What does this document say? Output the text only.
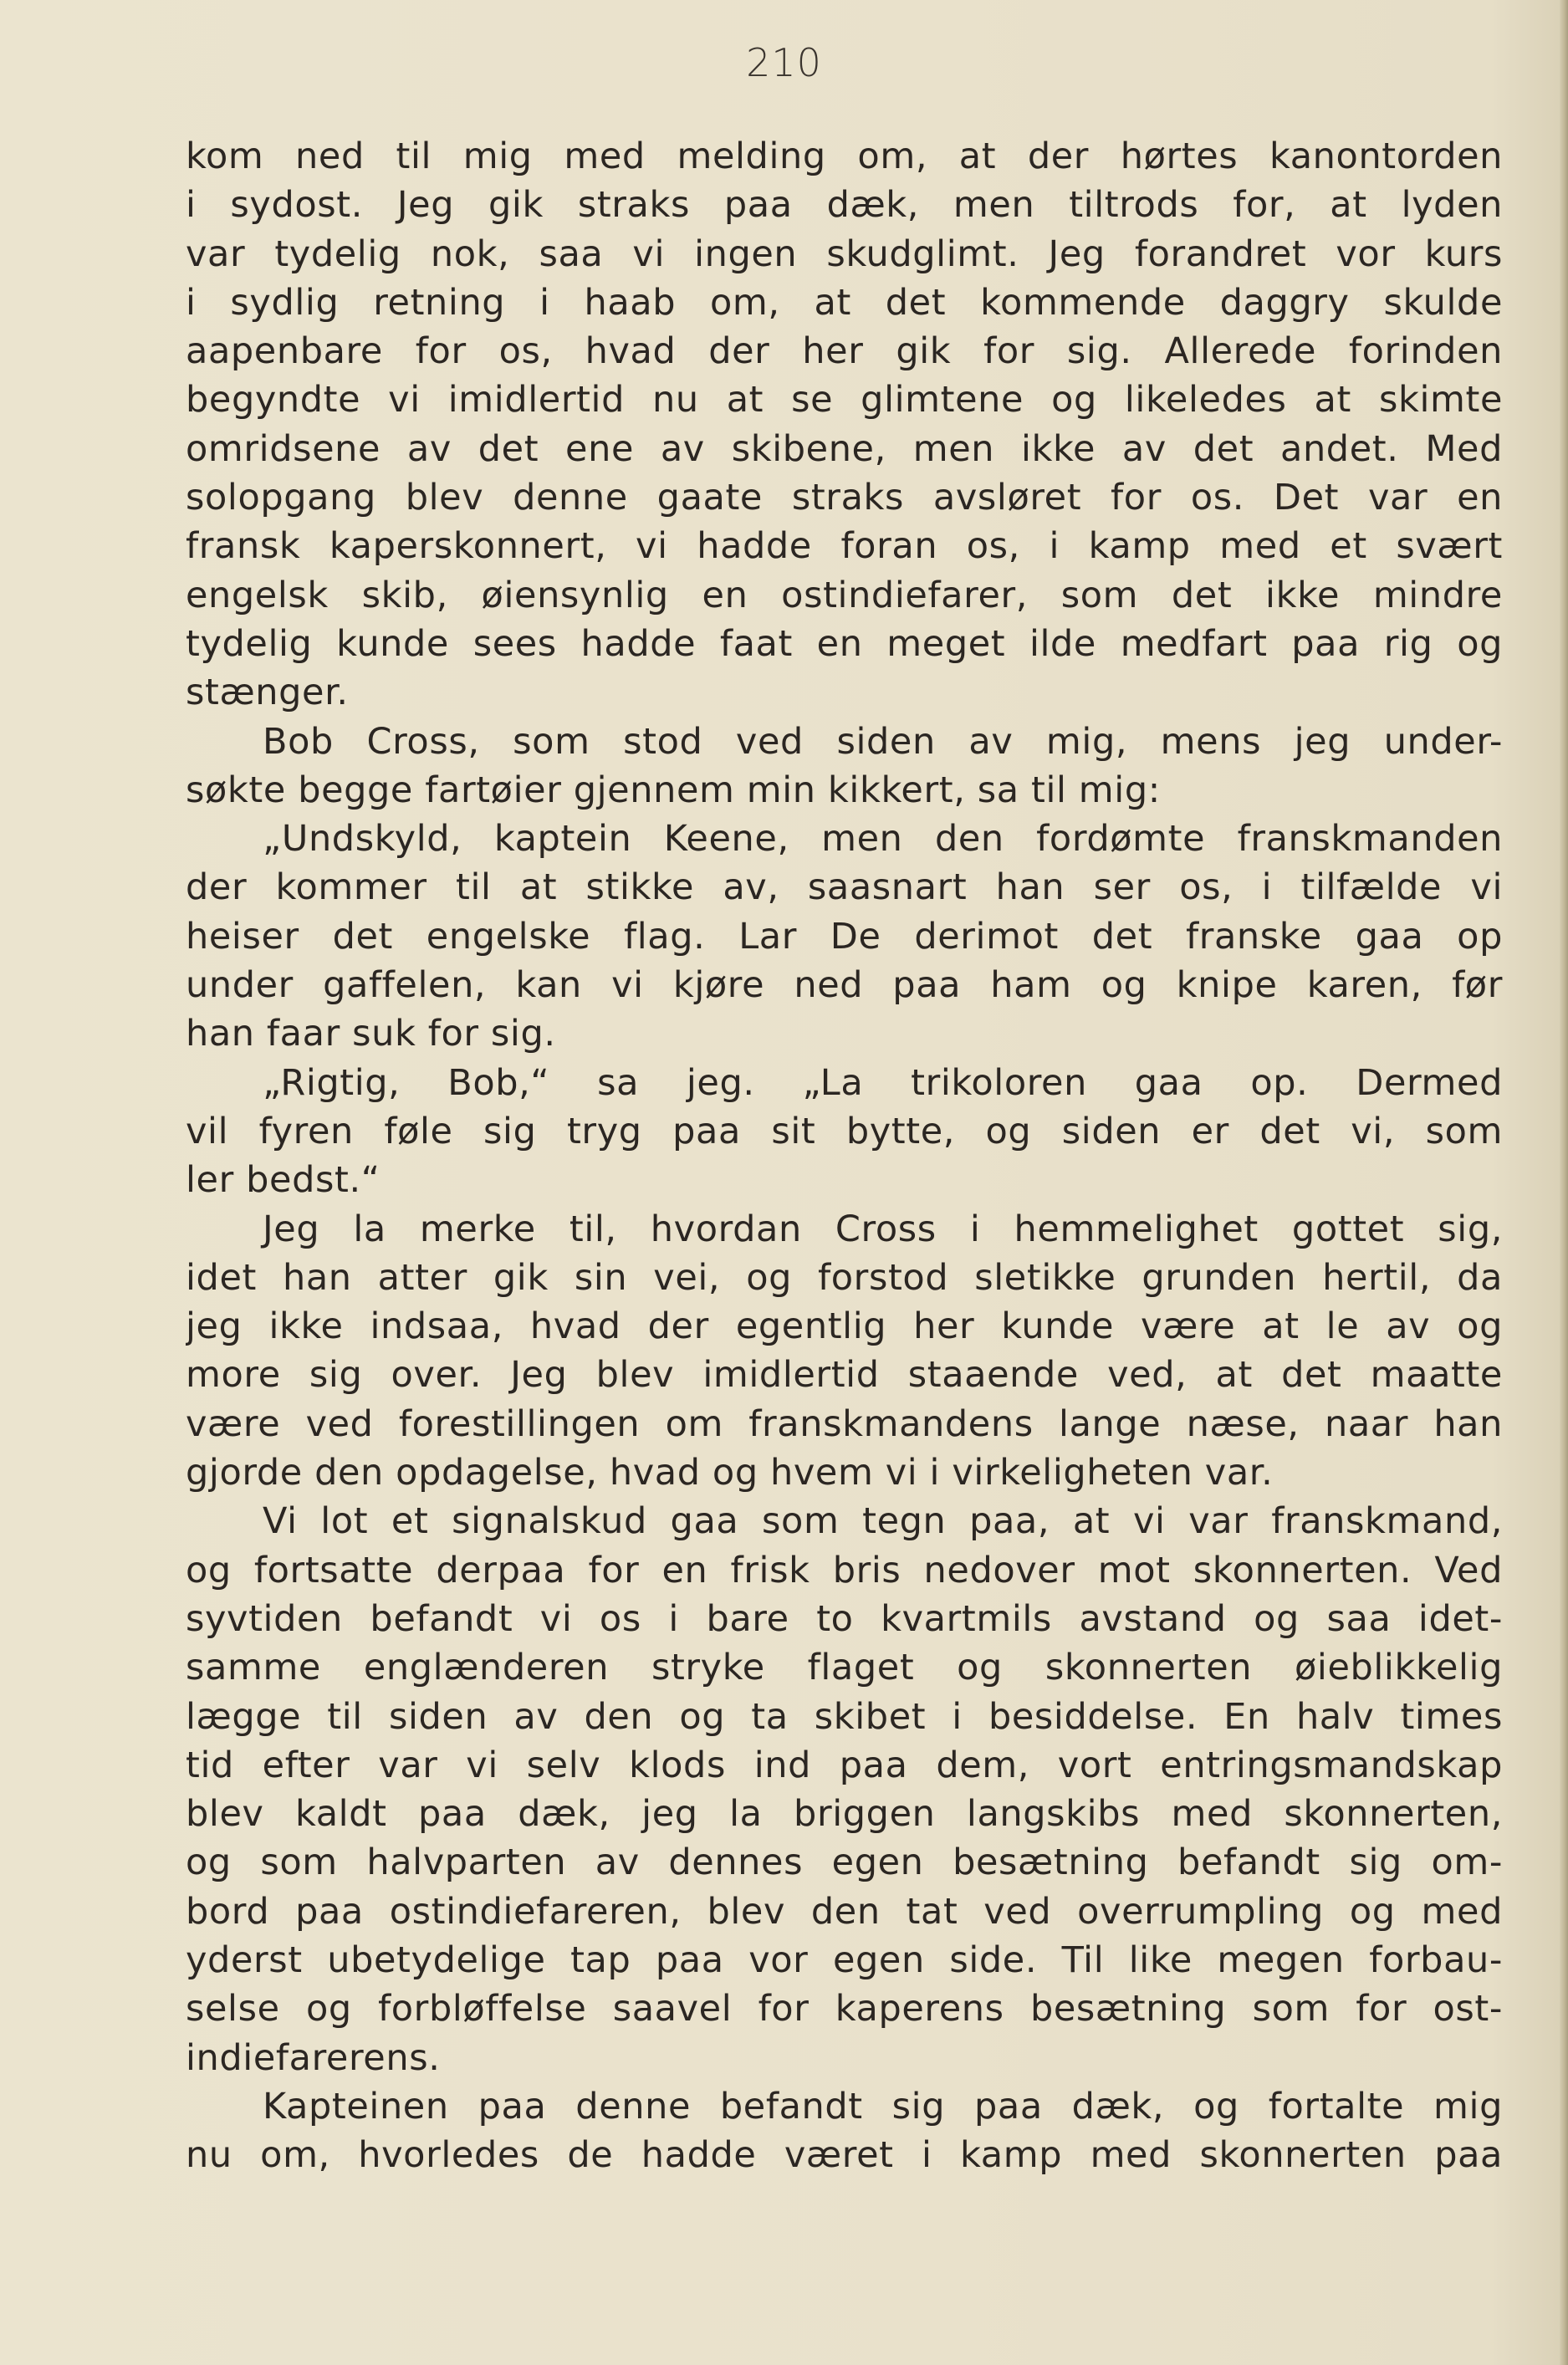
210
kom ned til mig med melding om, at der hørtes kanontorden
i sydost. Jeg gik straks paa dæk, men tiltrods for, at lyden
var tydelig nok, saa vi ingen skudglimt. Jeg forandret vor kurs
i sydlig retning i haab om, at det kommende daggry skulde
aapenbare for os, hvad der her gik for sig. Allerede forinden
begyndte vi imidlertid nu at se glimtene og likeledes at skimte
omridsene av det ene av skibene, men ikke av det andet. Med
solopgang blev denne gaate straks avsløret for os. Det var en
fransk kaperskonnert, vi hadde foran os, i kamp med et svært
engelsk skib, øiensynlig en ostindiefarer, som det ikke mindre
tydelig kunde sees hadde faat en meget ilde medfart paa rig og
stænger.
Bob Cross, som stod ved siden av mig, mens jeg under-
søkte begge fartøier gjennem min kikkert, sa til mig:
„Undskyld, kaptein Keene, men den fordømte franskmanden
der kommer til at stikke av, saasnart han ser os, i tilfælde vi
heiser det engelske flag. Lar De derimot det franske gaa op
under gaffelen, kan vi kjøre ned paa ham og knipe karen, før
han faar suk for sig.
„Rigtig, Bob,“ sa jeg. „La trikoloren gaa op. Dermed
vil fyren føle sig tryg paa sit bytte, og siden er det vi, som
ler bedst.“
Jeg la merke til, hvordan Cross i hemmelighet gottet sig,
idet han atter gik sin vei, og forstod sletikke grunden hertil, da
jeg ikke indsaa, hvad der egentlig her kunde være at le av og
more sig over. Jeg blev imidlertid staaende ved, at det maatte
være ved forestillingen om franskmandens lange næse, naar han
gjorde den opdagelse, hvad og hvem vi i virkeligheten var.
Vi lot et signalskud gaa som tegn paa, at vi var franskmand,
og fortsatte derpaa for en frisk bris nedover mot skonnerten. Ved
syvtiden befandt vi os i bare to kvartmils avstand og saa idet-
samme englænderen stryke flaget og skonnerten øieblikkelig
lægge til siden av den og ta skibet i besiddelse. En halv times
tid efter var vi selv klods ind paa dem, vort entringsmandskap
blev kaldt paa dæk, jeg la briggen langskibs med skonnerten,
og som halvparten av dennes egen besætning befandt sig om-
bord paa ostindiefareren, blev den tat ved overrumpling og med
yderst ubetydelige tap paa vor egen side. Til like megen forbau-
selse og forbløffelse saavel for kaperens besætning som for ost-
indiefarerens.
Kapteinen paa denne befandt sig paa dæk, og fortalte mig
nu om, hvorledes de hadde været i kamp med skonnerten paa
